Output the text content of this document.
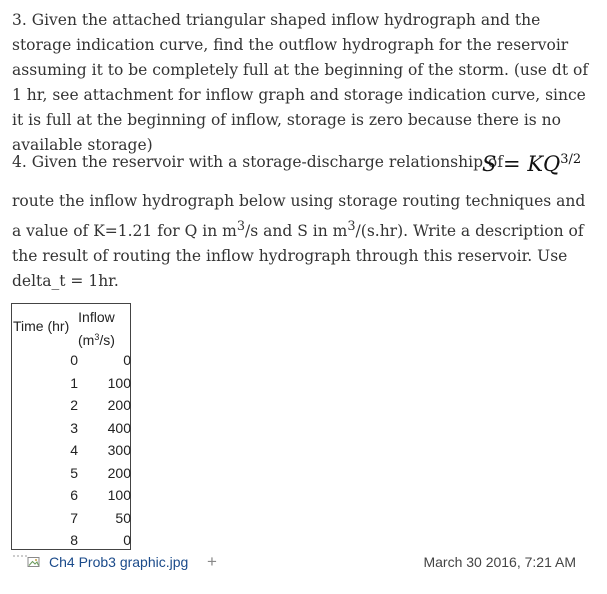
3. Given the attached triangular shaped inflow hydrograph and the storage indication curve, find the outflow hydrograph for the reservoir assuming it to be completely full at the beginning of the storm. (use dt of 1 hr, see attachment for inflow graph and storage indication curve, since it is full at the beginning of inflow, storage is zero because there is no available storage)

4. Given the reservoir with a storage-discharge relationship of
$S = KQ^{3/2}$

route the inflow hydrograph below using storage routing techniques and a value of K=1.21 for Q in $m^3/s$ and S in $m^3/(s.hr)$. Write a description of the result of routing the inflow hydrograph through this reservoir. Use delta_t = 1hr.

Time (hr)
Inflow
$(m^3/s)$
0	0
1 100
2 200
3 400
4 300
5 200
6 100
7	50
8	0
Ch4 Prob3 graphic.jpg +	March 30 2016, 7:21 AM
